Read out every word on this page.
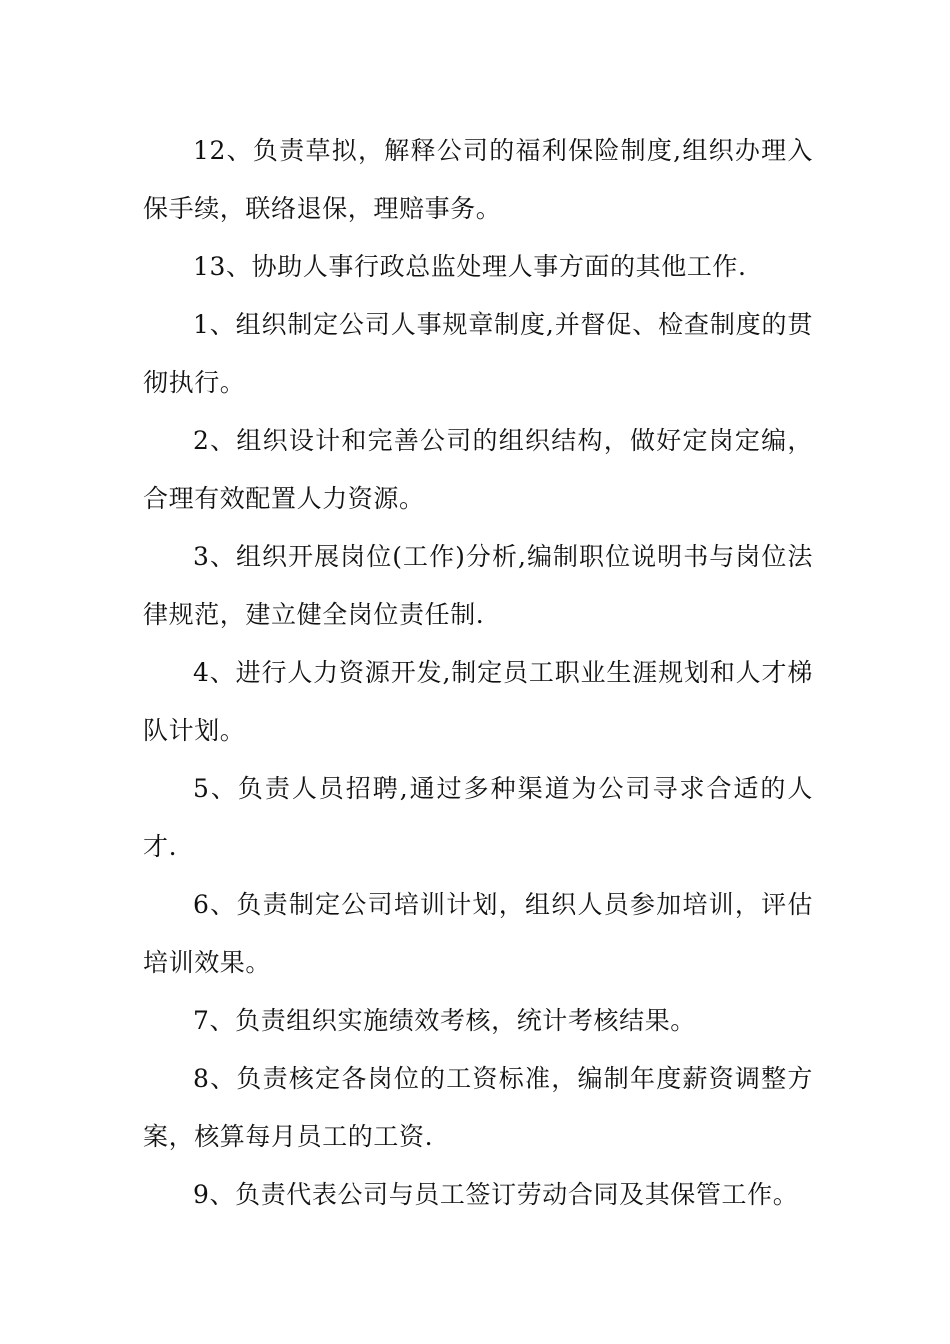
12、负责草拟，解释公司的福利保险制度,组织办理入保手续，联络退保，理赔事务。

13、协助人事行政总监处理人事方面的其他工作.

1、组织制定公司人事规章制度,并督促、检查制度的贯彻执行。

2、组织设计和完善公司的组织结构，做好定岗定编，合理有效配置人力资源。

3、组织开展岗位(工作)分析,编制职位说明书与岗位法律规范，建立健全岗位责任制.

4、进行人力资源开发,制定员工职业生涯规划和人才梯队计划。

5、负责人员招聘,通过多种渠道为公司寻求合适的人才.

6、负责制定公司培训计划，组织人员参加培训，评估培训效果。

7、负责组织实施绩效考核，统计考核结果。

8、负责核定各岗位的工资标准，编制年度薪资调整方案，核算每月员工的工资.

9、负责代表公司与员工签订劳动合同及其保管工作。
